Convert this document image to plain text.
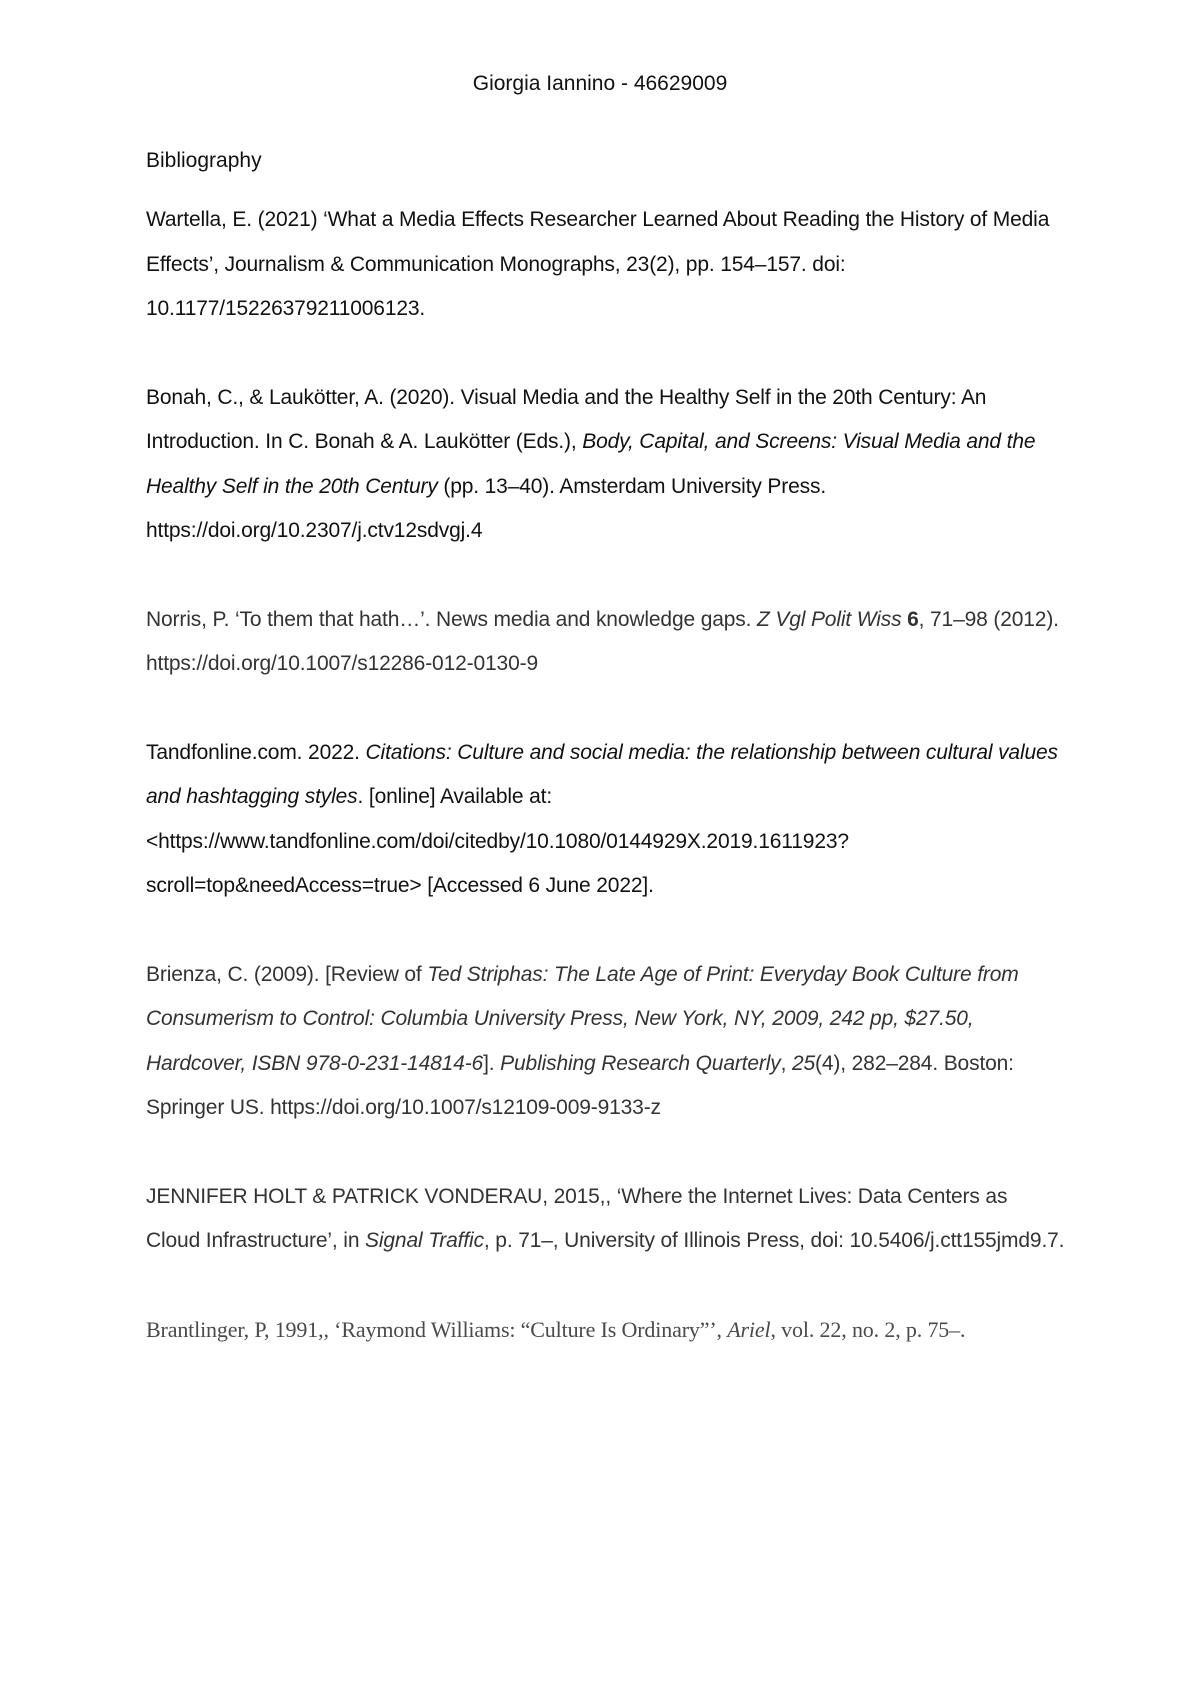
Giorgia Iannino - 46629009
Bibliography
Wartella, E. (2021) ‘What a Media Effects Researcher Learned About Reading the History of Media Effects’, Journalism & Communication Monographs, 23(2), pp. 154–157. doi: 10.1177/15226379211006123.
Bonah, C., & Laukötter, A. (2020). Visual Media and the Healthy Self in the 20th Century: An Introduction. In C. Bonah & A. Laukötter (Eds.), Body, Capital, and Screens: Visual Media and the Healthy Self in the 20th Century (pp. 13–40). Amsterdam University Press. https://doi.org/10.2307/j.ctv12sdvgj.4
Norris, P. ‘To them that hath…’. News media and knowledge gaps. Z Vgl Polit Wiss 6, 71–98 (2012). https://doi.org/10.1007/s12286-012-0130-9
Tandfonline.com. 2022. Citations: Culture and social media: the relationship between cultural values and hashtagging styles. [online] Available at: <https://www.tandfonline.com/doi/citedby/10.1080/0144929X.2019.1611923?scroll=top&needAccess=true> [Accessed 6 June 2022].
Brienza, C. (2009). [Review of Ted Striphas: The Late Age of Print: Everyday Book Culture from Consumerism to Control: Columbia University Press, New York, NY, 2009, 242 pp, $27.50, Hardcover, ISBN 978-0-231-14814-6]. Publishing Research Quarterly, 25(4), 282–284. Boston: Springer US. https://doi.org/10.1007/s12109-009-9133-z
JENNIFER HOLT & PATRICK VONDERAU, 2015,, ‘Where the Internet Lives: Data Centers as Cloud Infrastructure’, in Signal Traffic, p. 71–, University of Illinois Press, doi: 10.5406/j.ctt155jmd9.7.
Brantlinger, P, 1991,, ‘Raymond Williams: “Culture Is Ordinary”’, Ariel, vol. 22, no. 2, p. 75–.
